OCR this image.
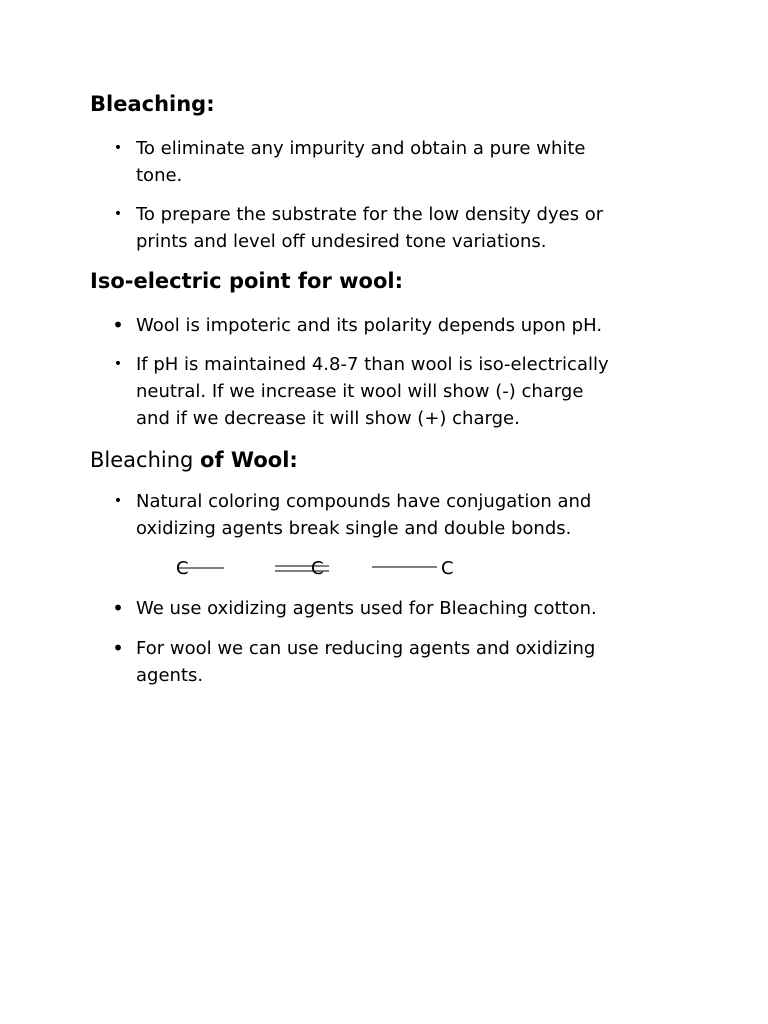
Bleaching:
• To eliminate any impurity and obtain a pure white
tone.
• To prepare the substrate for the low density dyes or
prints and level off undesired tone variations.
Iso-electric point for wool:
• Wool is impoteric and its polarity depends upon pH.
• If pH is maintained 4.8-7 than wool is iso-electrically
neutral. If we increase it wool will show (-) charge
and if we decrease it will show (+) charge.
Bleaching of Wool:
• Natural coloring compounds have conjugation and
oxidizing agents break single and double bonds.
C	C	C
• We use oxidizing agents used for Bleaching cotton.
• For wool we can use reducing agents and oxidizing
agents.
